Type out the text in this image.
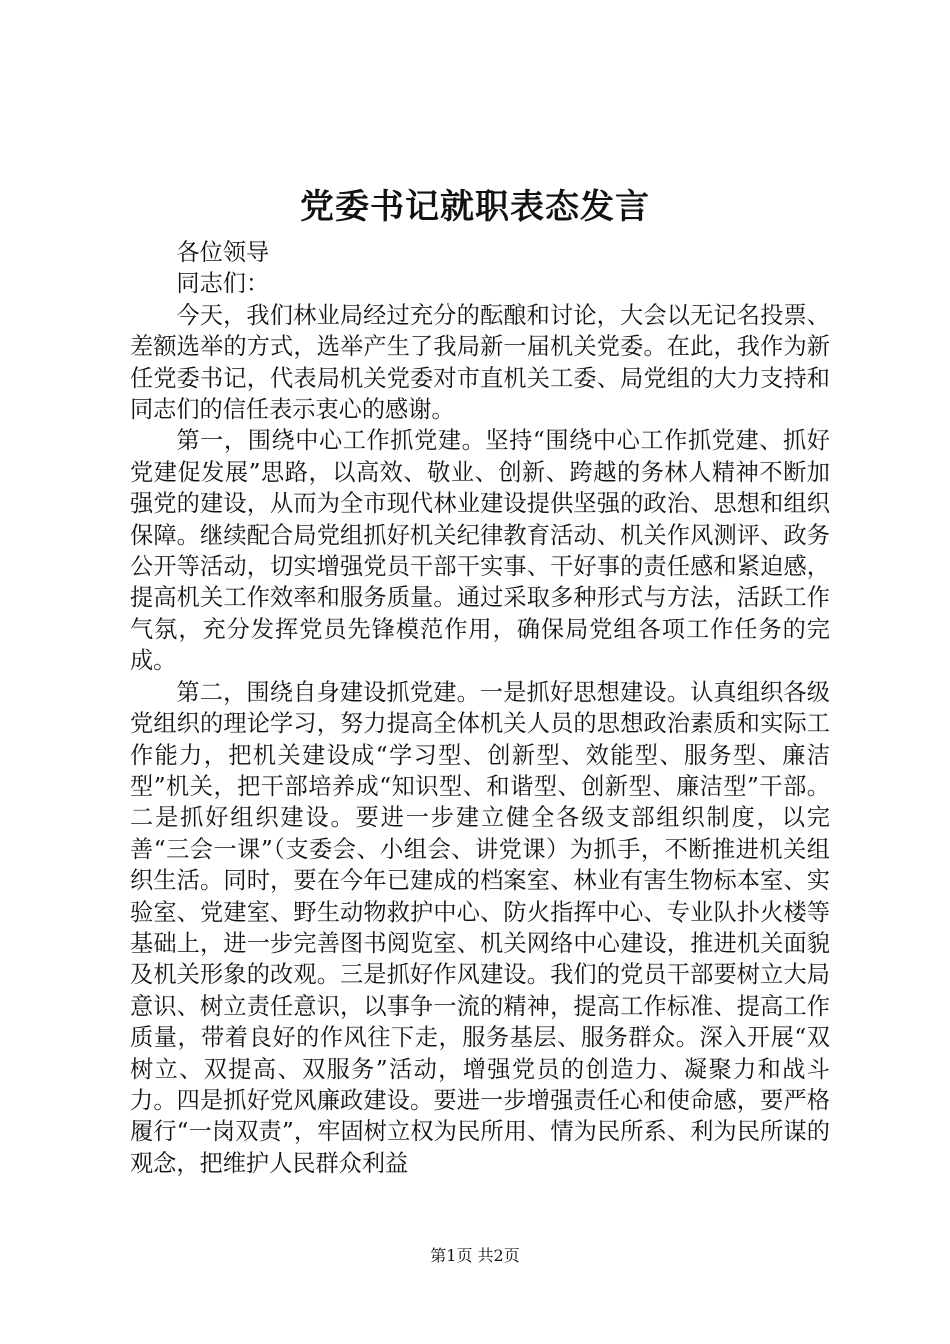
党委书记就职表态发言

各位领导

同志们：

今天，我们林业局经过充分的酝酿和讨论，大会以无记名投票、差额选举的方式，选举产生了我局新一届机关党委。在此，我作为新任党委书记，代表局机关党委对市直机关工委、局党组的大力支持和同志们的信任表示衷心的感谢。

第一，围绕中心工作抓党建。坚持“围绕中心工作抓党建、抓好党建促发展”思路，以高效、敬业、创新、跨越的务林人精神不断加强党的建设，从而为全市现代林业建设提供坚强的政治、思想和组织保障。继续配合局党组抓好机关纪律教育活动、机关作风测评、政务公开等活动，切实增强党员干部干实事、干好事的责任感和紧迫感，提高机关工作效率和服务质量。通过采取多种形式与方法，活跃工作气氛，充分发挥党员先锋模范作用，确保局党组各项工作任务的完成。

第二，围绕自身建设抓党建。一是抓好思想建设。认真组织各级党组织的理论学习，努力提高全体机关人员的思想政治素质和实际工作能力，把机关建设成“学习型、创新型、效能型、服务型、廉洁型”机关，把干部培养成“知识型、和谐型、创新型、廉洁型”干部。二是抓好组织建设。要进一步建立健全各级支部组织制度，以完善“三会一课”（支委会、小组会、讲党课）为抓手，不断推进机关组织生活。同时，要在今年已建成的档案室、林业有害生物标本室、实验室、党建室、野生动物救护中心、防火指挥中心、专业队扑火楼等基础上，进一步完善图书阅览室、机关网络中心建设，推进机关面貌及机关形象的改观。三是抓好作风建设。我们的党员干部要树立大局意识、树立责任意识，以事争一流的精神，提高工作标准、提高工作质量，带着良好的作风往下走，服务基层、服务群众。深入开展“双树立、双提高、双服务”活动，增强党员的创造力、凝聚力和战斗力。四是抓好党风廉政建设。要进一步增强责任心和使命感，要严格履行“一岗双责”，牢固树立权为民所用、情为民所系、利为民所谋的观念，把维护人民群众利益

第1页 共2页
